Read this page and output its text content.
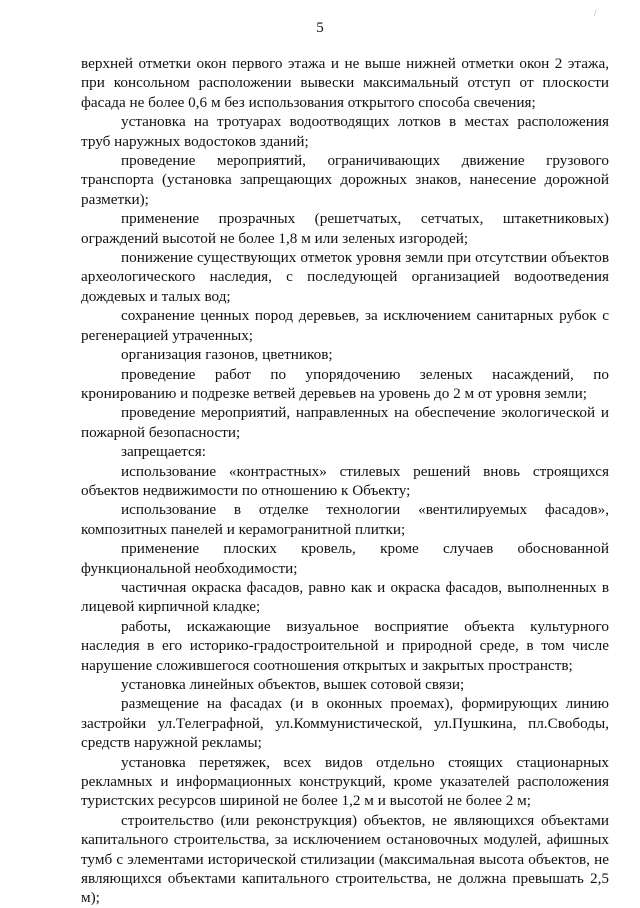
5
/

верхней отметки окон первого этажа и не выше нижней отметки окон 2 этажа, при консольном расположении вывески максимальный отступ от плоскости фасада не более 0,6 м без использования открытого способа свечения;

установка на тротуарах водоотводящих лотков в местах расположения труб наружных водостоков зданий;

проведение мероприятий, ограничивающих движение грузового транспорта (установка запрещающих дорожных знаков, нанесение дорожной разметки);

применение прозрачных (решетчатых, сетчатых, штакетниковых) ограждений высотой не более 1,8 м или зеленых изгородей;

понижение существующих отметок уровня земли при отсутствии объектов археологического наследия, с последующей организацией водоотведения дождевых и талых вод;

сохранение ценных пород деревьев, за исключением санитарных рубок с регенерацией утраченных;

организация газонов, цветников;

проведение работ по упорядочению зеленых насаждений, по кронированию и подрезке ветвей деревьев на уровень до 2 м от уровня земли;

проведение мероприятий, направленных на обеспечение экологической и пожарной безопасности;

запрещается:

использование «контрастных» стилевых решений вновь строящихся объектов недвижимости по отношению к Объекту;

использование в отделке технологии «вентилируемых фасадов», композитных панелей и керамогранитной плитки;

применение плоских кровель, кроме случаев обоснованной функциональной необходимости;

частичная окраска фасадов, равно как и окраска фасадов, выполненных в лицевой кирпичной кладке;

работы, искажающие визуальное восприятие объекта культурного наследия в его историко-градостроительной и природной среде, в том числе нарушение сложившегося соотношения открытых и закрытых пространств;

установка линейных объектов, вышек сотовой связи;

размещение на фасадах (и в оконных проемах), формирующих линию застройки ул.Телеграфной, ул.Коммунистической, ул.Пушкина, пл.Свободы, средств наружной рекламы;

установка перетяжек, всех видов отдельно стоящих стационарных рекламных и информационных конструкций, кроме указателей расположения туристских ресурсов шириной не более 1,2 м и высотой не более 2 м;

строительство (или реконструкция) объектов, не являющихся объектами капитального строительства, за исключением остановочных модулей, афишных тумб с элементами исторической стилизации (максимальная высота объектов, не являющихся объектами капитального строительства, не должна превышать 2,5 м);
